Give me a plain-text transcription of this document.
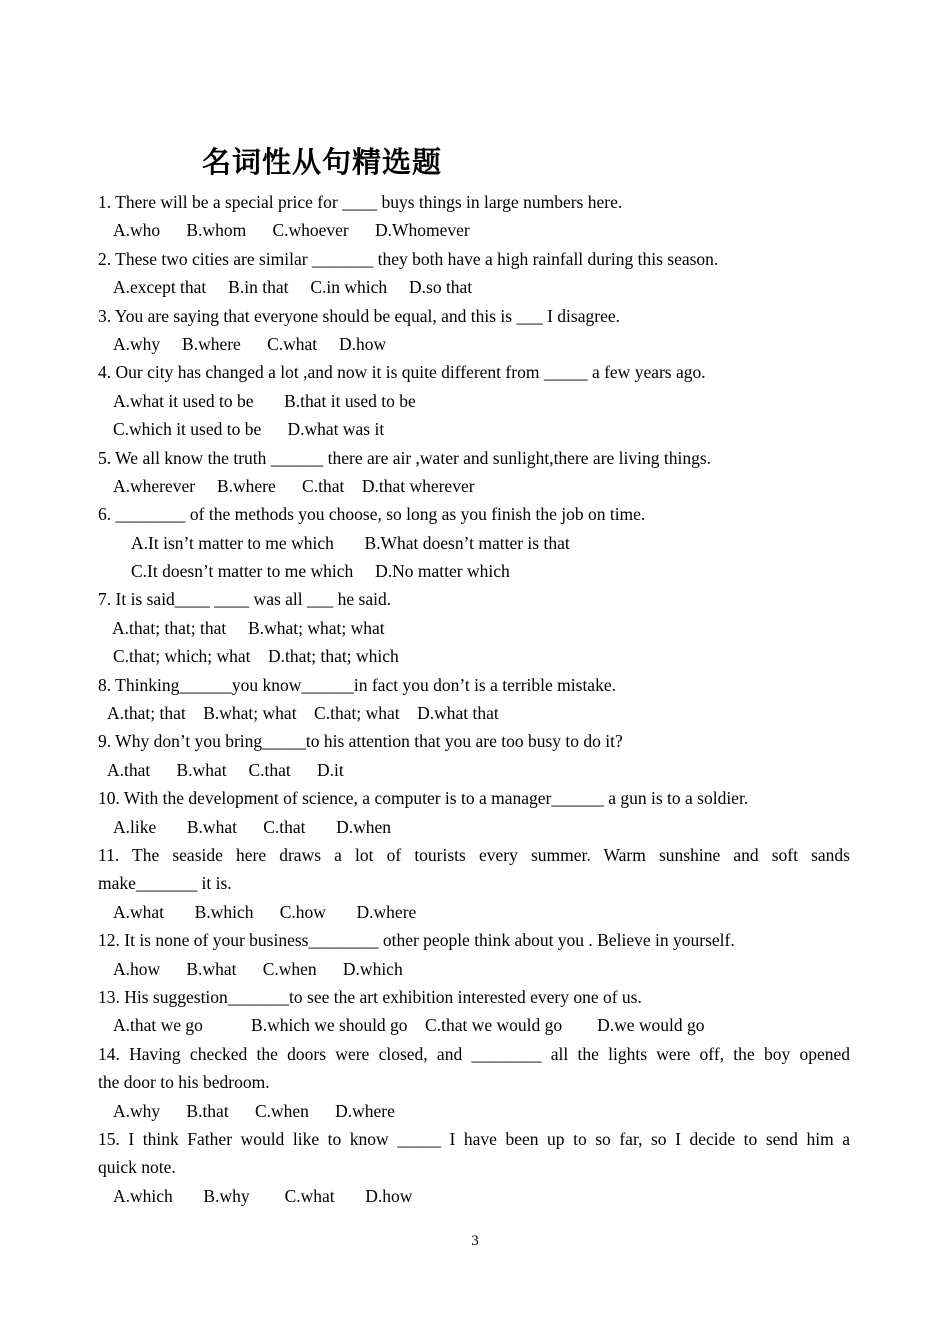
名词性从句精选题
1. There will be a special price for ____ buys things in large numbers here.
A.who      B.whom      C.whoever      D.Whomever
2. These two cities are similar _______ they both have a high rainfall during this season.
A.except that     B.in that     C.in which     D.so that
3. You are saying that everyone should be equal, and this is ___ I disagree.
A.why     B.where      C.what     D.how
4. Our city has changed a lot ,and now it is quite different from _____ a few years ago.
A.what it used to be       B.that it used to be
C.which it used to be      D.what was it
5. We all know the truth ______ there are air ,water and sunlight,there are living things.
A.wherever     B.where      C.that    D.that wherever
6. ________ of the methods you choose, so long as you finish the job on time.
A.It isn’t matter to me which       B.What doesn’t matter is that
C.It doesn’t matter to me which     D.No matter which
7. It is said____ ____ was all ___ he said.
A.that; that; that     B.what; what; what
C.that; which; what    D.that; that; which
8. Thinking______you know______in fact you don’t is a terrible mistake.
A.that; that    B.what; what    C.that; what    D.what that
9. Why don’t you bring_____to his attention that you are too busy to do it?
A.that      B.what     C.that      D.it
10. With the development of science, a computer is to a manager______ a gun is to a soldier.
A.like       B.what      C.that       D.when
11. The seaside here draws a lot of tourists every summer. Warm sunshine and soft sands
make_______ it is.
A.what       B.which      C.how       D.where
12. It is none of your business________ other people think about you . Believe in yourself.
A.how      B.what      C.when      D.which
13. His suggestion_______to see the art exhibition interested every one of us.
A.that we go           B.which we should go    C.that we would go        D.we would go
14. Having checked the doors were closed, and ________ all the lights were off, the boy opened
the door to his bedroom.
A.why      B.that      C.when      D.where
15. I think Father would like to know _____ I have been up to so far, so I decide to send him a
quick note.
A.which       B.why        C.what       D.how
3
